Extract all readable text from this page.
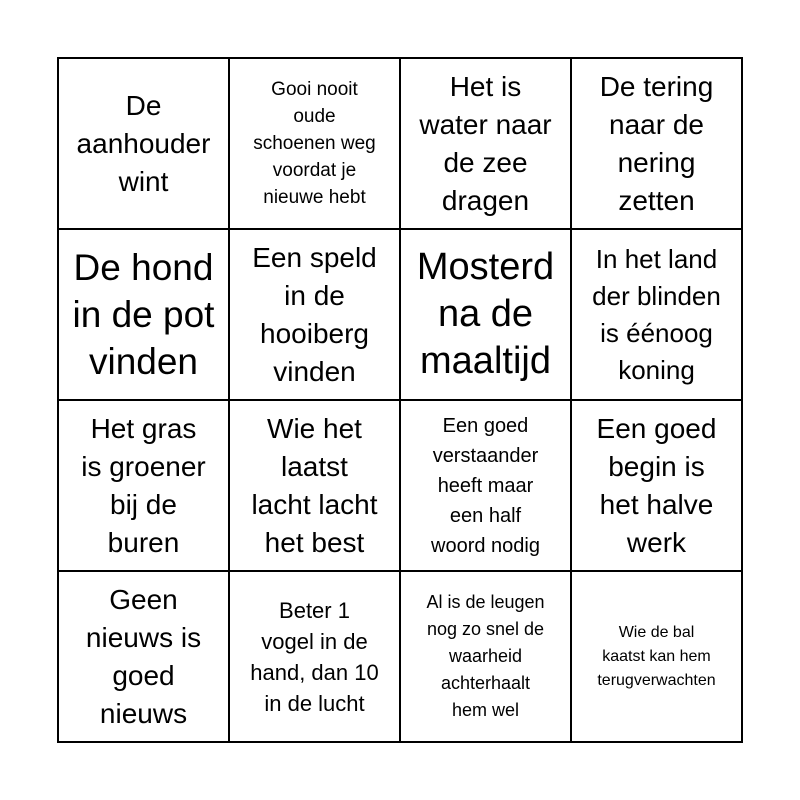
De
aanhouder
wint
Gooi nooit
oude
schoenen weg
voordat je
nieuwe hebt
Het is
water naar
de zee
dragen
De tering
naar de
nering
zetten
De hond
in de pot
vinden
Een speld
in de
hooiberg
vinden
Mosterd
na de
maaltijd
In het land
der blinden
is éénoog
koning
Het gras
is groener
bij de
buren
Wie het
laatst
lacht lacht
het best
Een goed
verstaander
heeft maar
een half
woord nodig
Een goed
begin is
het halve
werk
Geen
nieuws is
goed
nieuws
Beter 1
vogel in de
hand, dan 10
in de lucht
Al is de leugen
nog zo snel de
waarheid
achterhaalt
hem wel
Wie de bal
kaatst kan hem
terugverwachten
